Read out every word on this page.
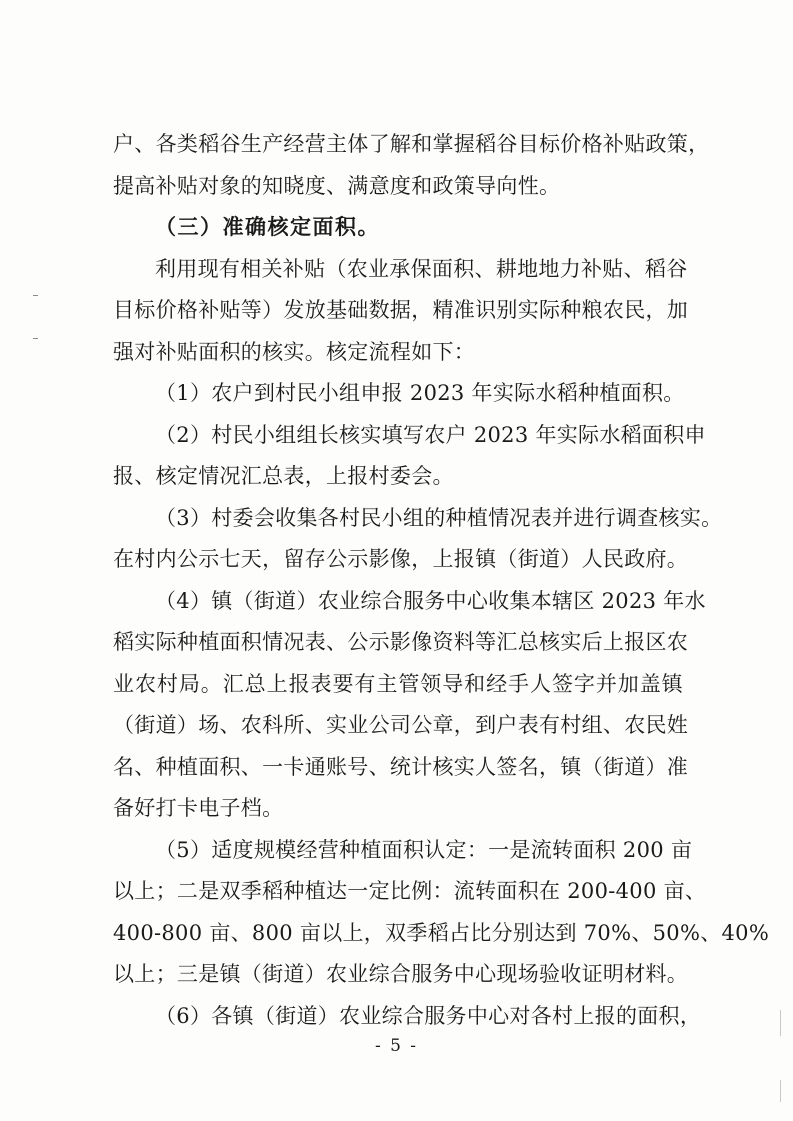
户、各类稻谷生产经营主体了解和掌握稻谷目标价格补贴政策，
提高补贴对象的知晓度、满意度和政策导向性。
（三）准确核定面积。
利用现有相关补贴（农业承保面积、耕地地力补贴、稻谷
目标价格补贴等）发放基础数据，精准识别实际种粮农民，加
强对补贴面积的核实。核定流程如下：
（1）农户到村民小组申报 2023 年实际水稻种植面积。
（2）村民小组组长核实填写农户 2023 年实际水稻面积申
报、核定情况汇总表，上报村委会。
（3）村委会收集各村民小组的种植情况表并进行调查核实。
在村内公示七天，留存公示影像，上报镇（街道）人民政府。
（4）镇（街道）农业综合服务中心收集本辖区 2023 年水
稻实际种植面积情况表、公示影像资料等汇总核实后上报区农
业农村局。汇总上报表要有主管领导和经手人签字并加盖镇
（街道）场、农科所、实业公司公章，到户表有村组、农民姓
名、种植面积、一卡通账号、统计核实人签名，镇（街道）准
备好打卡电子档。
（5）适度规模经营种植面积认定：一是流转面积 200 亩
以上；二是双季稻种植达一定比例：流转面积在 200-400 亩、
400-800 亩、800 亩以上，双季稻占比分别达到 70%、50%、40%
以上；三是镇（街道）农业综合服务中心现场验收证明材料。
（6）各镇（街道）农业综合服务中心对各村上报的面积，
- 5 -
